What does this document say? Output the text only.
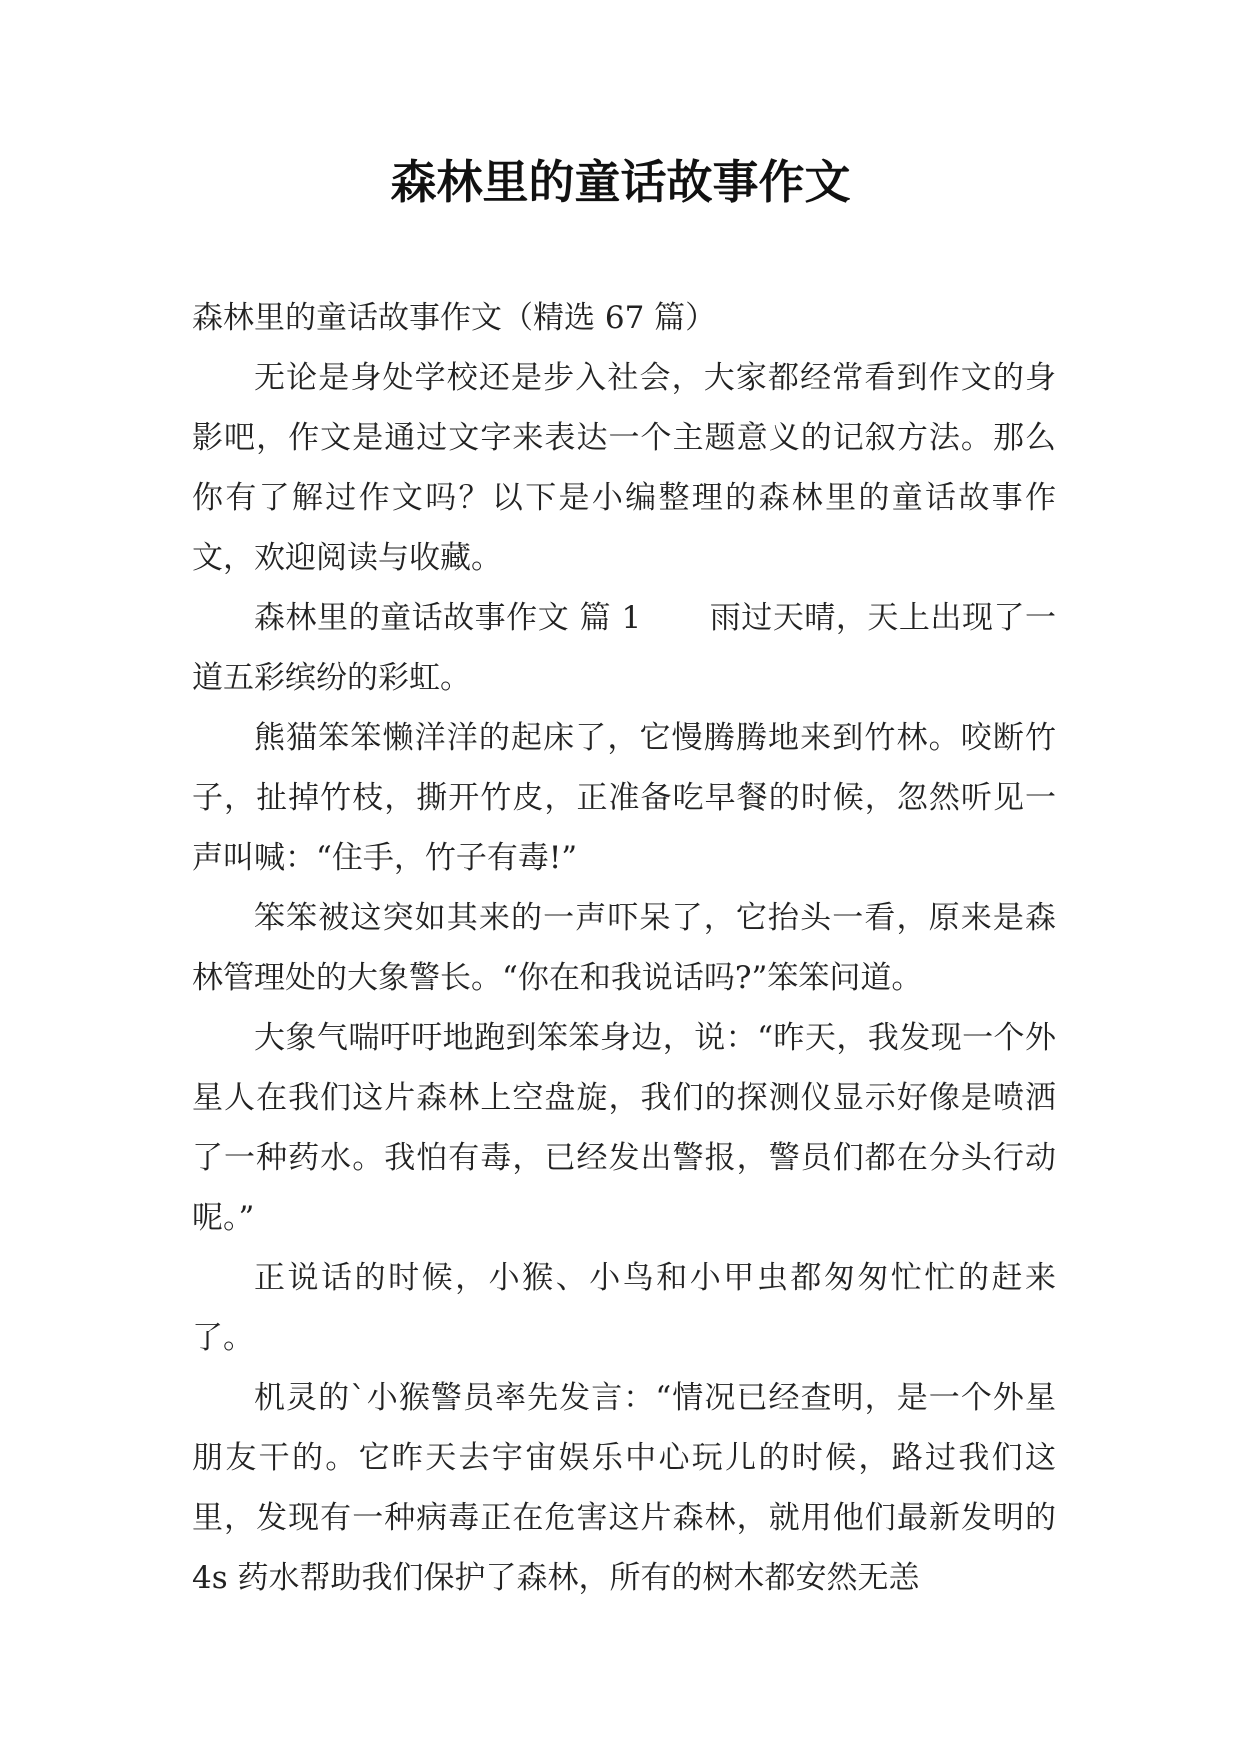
森林里的童话故事作文

森林里的童话故事作文（精选 67 篇）

无论是身处学校还是步入社会，大家都经常看到作文的身影吧，作文是通过文字来表达一个主题意义的记叙方法。那么你有了解过作文吗？以下是小编整理的森林里的童话故事作文，欢迎阅读与收藏。

森林里的童话故事作文 篇 1 雨过天晴，天上出现了一道五彩缤纷的彩虹。

熊猫笨笨懒洋洋的起床了，它慢腾腾地来到竹林。咬断竹子，扯掉竹枝，撕开竹皮，正准备吃早餐的时候，忽然听见一声叫喊：“住手，竹子有毒!”

笨笨被这突如其来的一声吓呆了，它抬头一看，原来是森林管理处的大象警长。“你在和我说话吗?”笨笨问道。

大象气喘吁吁地跑到笨笨身边，说：“昨天，我发现一个外星人在我们这片森林上空盘旋，我们的探测仪显示好像是喷洒了一种药水。我怕有毒，已经发出警报，警员们都在分头行动呢。”

正说话的时候，小猴、小鸟和小甲虫都匆匆忙忙的赶来了。

机灵的`小猴警员率先发言：“情况已经查明，是一个外星朋友干的。它昨天去宇宙娱乐中心玩儿的时候，路过我们这里，发现有一种病毒正在危害这片森林，就用他们最新发明的 4s 药水帮助我们保护了森林，所有的树木都安然无恙
